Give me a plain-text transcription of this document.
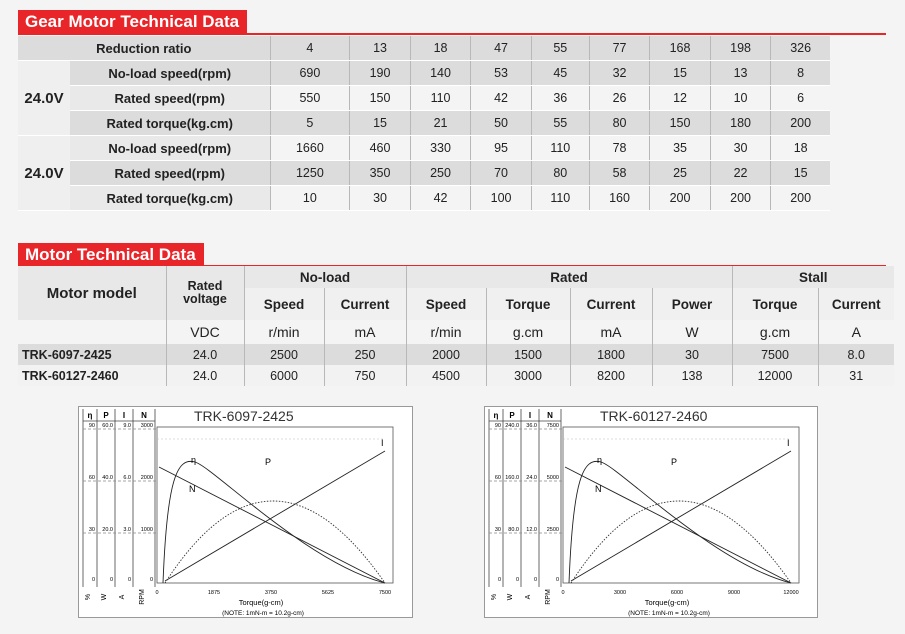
Gear Motor Technical Data
Reduction ratio		4	13	18	47	55	77	168	198	326
24.0V	No-load speed(rpm)	690	190	140	53	45	32	15	13	8
	Rated speed(rpm)	550	150	110	42	36	26	12	10	6
	Rated torque(kg.cm)	5	15	21	50	55	80	150	180	200
24.0V	No-load speed(rpm)	1660	460	330	95	110	78	35	30	18
	Rated speed(rpm)	1250	350	250	70	80	58	25	22	15
	Rated torque(kg.cm)	10	30	42	100	110	160	200	200	200
Motor Technical Data
Motor model	Rated voltage	No-load		Rated				Stall	
		Speed	Current	Speed	Torque	Current	Power	Torque	Current
	VDC	r/min	mA	r/min	g.cm	mA	W	g.cm	A
TRK-6097-2425	24.0	2500	250	2000	1500	1800	30	7500	8.0
TRK-60127-2460	24.0	6000	750	4500	3000	8200	138	12000	31
η P I N
90 60.0 9.0 3000
60 40.0 6.0 2000
30 20.0 3.0 1000
0	0	0	0
% W A RPM
TRK-6097-2425
I
N
η	P
0	1875	3750	5625	7500
Torque(g-cm)
(NOTE: 1mN-m = 10.2g-cm)
η P I N
90 240.0 36.0 7500
60 160.0 24.0 5000
30 80.0 12.0 2500
0	0	0	0
% W A RPM
TRK-60127-2460
I
N
η	P
0	3000	6000	9000	12000
Torque(g-cm)
(NOTE: 1mN-m = 10.2g-cm)
